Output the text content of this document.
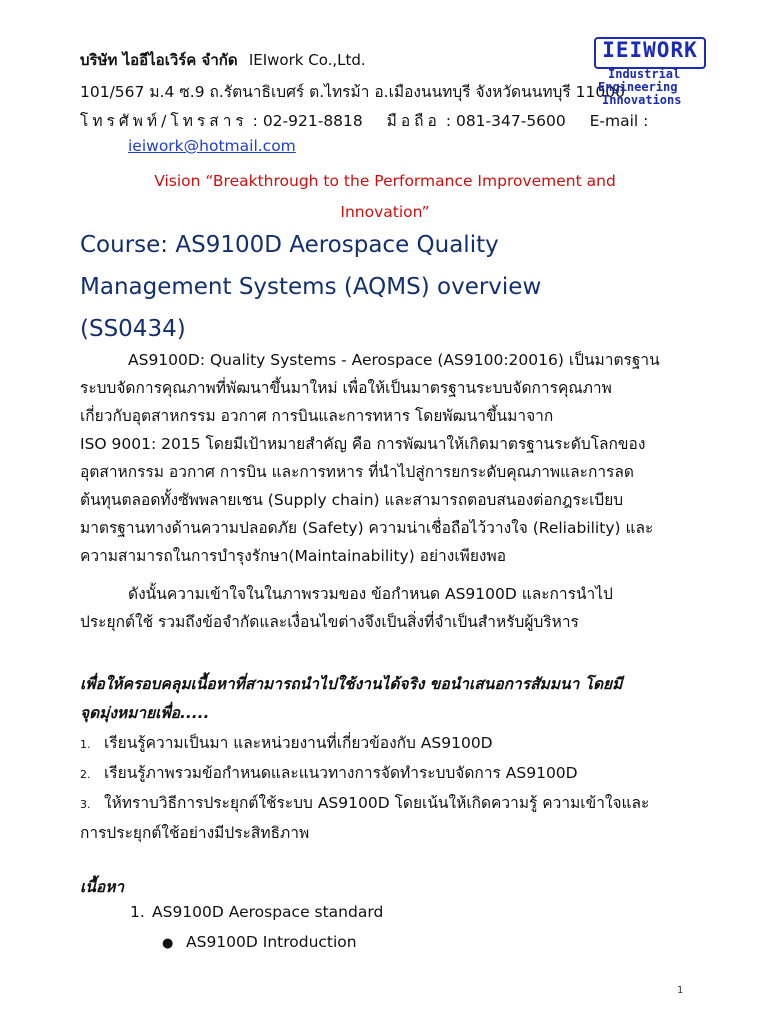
บริษัท ไออีไอเวิร์ค จำกัด IEIwork Co.,Ltd.
101/567 ม.4 ซ.9 ถ.รัตนาธิเบศร์ ต.ไทรม้า อ.เมืองนนทบุรี จังหวัดนนทบุรี 11000
โทรศัพท์/โทรสาร : 02-921-8818 มือถือ : 081-347-5600 E-mail :
ieiwork@hotmail.com
IEIWORK
Industrial
Engineering
Innovations
Vision “Breakthrough to the Performance Improvement and
Innovation”
Course: AS9100D Aerospace Quality
Management Systems (AQMS) overview
(SS0434)
AS9100D: Quality Systems - Aerospace (AS9100:20016) เป็นมาตรฐาน
ระบบจัดการคุณภาพที่พัฒนาขึ้นมาใหม่ เพื่อให้เป็นมาตรฐานระบบจัดการคุณภาพ
เกี่ยวกับอุตสาหกรรม อวกาศ การบินและการทหาร โดยพัฒนาขึ้นมาจาก
ISO 9001: 2015 โดยมีเป้าหมายสำคัญ คือ การพัฒนาให้เกิดมาตรฐานระดับโลกของ
อุตสาหกรรม อวกาศ การบิน และการทหาร ที่นำไปสู่การยกระดับคุณภาพและการลด
ต้นทุนตลอดทั้งซัพพลายเชน (Supply chain) และสามารถตอบสนองต่อกฎระเบียบ
มาตรฐานทางด้านความปลอดภัย (Safety) ความน่าเชื่อถือไว้วางใจ (Reliability) และ
ความสามารถในการบำรุงรักษา(Maintainability) อย่างเพียงพอ
ดังนั้นความเข้าใจในในภาพรวมของ ข้อกำหนด AS9100D และการนำไป
ประยุกต์ใช้ รวมถึงข้อจำกัดและเงื่อนไขต่างจึงเป็นสิ่งที่จำเป็นสำหรับผู้บริหาร
เพื่อให้ครอบคลุมเนื้อหาที่สามารถนำไปใช้งานได้จริง ขอนำเสนอการสัมมนา โดยมี
จุดมุ่งหมายเพื่อ.....
1. เรียนรู้ความเป็นมา และหน่วยงานที่เกี่ยวข้องกับ AS9100D
2. เรียนรู้ภาพรวมข้อกำหนดและแนวทางการจัดทำระบบจัดการ AS9100D
3. ให้ทราบวิธีการประยุกต์ใช้ระบบ AS9100D โดยเน้นให้เกิดความรู้ ความเข้าใจและ
การประยุกต์ใช้อย่างมีประสิทธิภาพ
เนื้อหา
1. AS9100D Aerospace standard
● AS9100D Introduction
1
